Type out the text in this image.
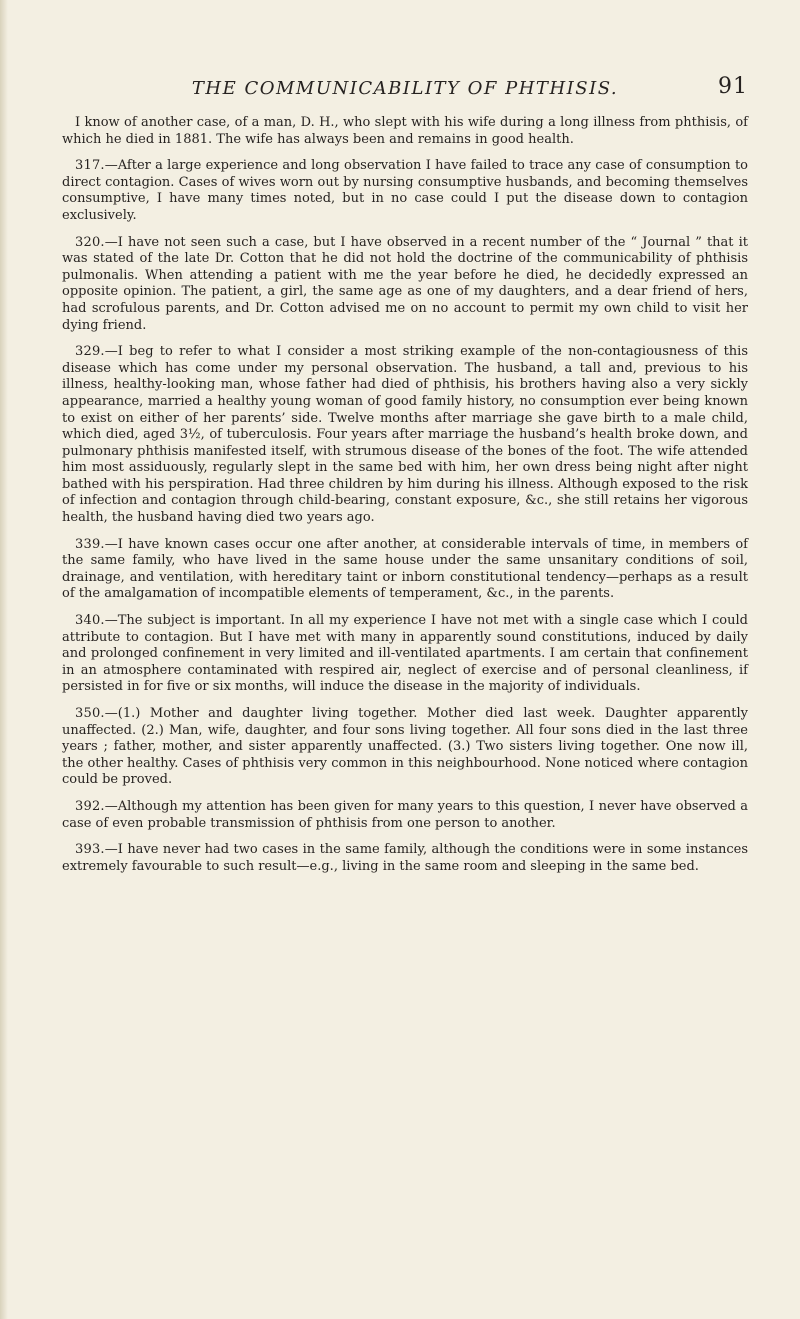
THE COMMUNICABILITY OF PHTHISIS.	91

I know of another case, of a man, D. H., who slept with his wife during a long illness from phthisis, of which he died in 1881. The wife has always been and remains in good health.

317.—After a large experience and long observation I have failed to trace any case of consumption to direct contagion. Cases of wives worn out by nursing consumptive husbands, and becoming themselves consumptive, I have many times noted, but in no case could I put the disease down to contagion exclusively.

320.—I have not seen such a case, but I have observed in a recent number of the “ Journal ” that it was stated of the late Dr. Cotton that he did not hold the doctrine of the communicability of phthisis pulmonalis. When attending a patient with me the year before he died, he decidedly expressed an opposite opinion. The patient, a girl, the same age as one of my daughters, and a dear friend of hers, had scrofulous parents, and Dr. Cotton advised me on no account to permit my own child to visit her dying friend.

329.—I beg to refer to what I consider a most striking example of the non-contagiousness of this disease which has come under my personal observation. The husband, a tall and, previous to his illness, healthy-looking man, whose father had died of phthisis, his brothers having also a very sickly appearance, married a healthy young woman of good family history, no consumption ever being known to exist on either of her parents’ side. Twelve months after marriage she gave birth to a male child, which died, aged 3½, of tuberculosis. Four years after marriage the husband’s health broke down, and pulmonary phthisis manifested itself, with strumous disease of the bones of the foot. The wife attended him most assiduously, regularly slept in the same bed with him, her own dress being night after night bathed with his perspiration. Had three children by him during his illness. Although exposed to the risk of infection and contagion through child-bearing, constant exposure, &c., she still retains her vigorous health, the husband having died two years ago.

339.—I have known cases occur one after another, at considerable intervals of time, in members of the same family, who have lived in the same house under the same unsanitary conditions of soil, drainage, and ventilation, with hereditary taint or inborn constitutional tendency—perhaps as a result of the amalgamation of incompatible elements of temperament, &c., in the parents.

340.—The subject is important. In all my experience I have not met with a single case which I could attribute to contagion. But I have met with many in apparently sound constitutions, induced by daily and prolonged confinement in very limited and ill-ventilated apartments. I am certain that confinement in an atmosphere contaminated with respired air, neglect of exercise and of personal cleanliness, if persisted in for five or six months, will induce the disease in the majority of individuals.

350.—(1.) Mother and daughter living together. Mother died last week. Daughter apparently unaffected. (2.) Man, wife, daughter, and four sons living together. All four sons died in the last three years ; father, mother, and sister apparently unaffected. (3.) Two sisters living together. One now ill, the other healthy. Cases of phthisis very common in this neighbourhood. None noticed where contagion could be proved.

392.—Although my attention has been given for many years to this question, I never have observed a case of even probable transmission of phthisis from one person to another.

393.—I have never had two cases in the same family, although the conditions were in some instances extremely favourable to such result—e.g., living in the same room and sleeping in the same bed.
